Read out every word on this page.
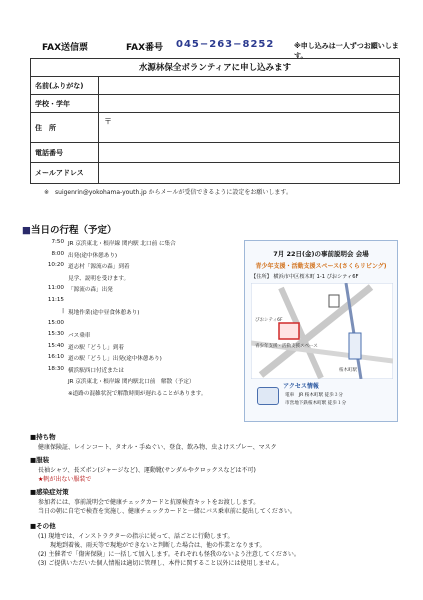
FAX送信票	FAX番号 045−263−8252	※申し込みは一人ずつお願いします。
水源林保全ボランティアに申し込みます
名前(ふりがな)
学校・学年
住　所
〒
電話番号
メールアドレス
※　suigenrin@yokohama-youth.jp からメールが受信できるように設定をお願いします。
■当日の行程（予定）
7:50 JR 京浜東北・根岸線 関内駅 北口前 に集合
8:00 出発(途中休憩あり)
10:20 道志村「源流の森」到着
見学、説明を受けます。
11:00 「源流の森」出発
11:15
| 現地作業(途中昼食休憩あり)
15:00
15:30 バス乗車
15:40 道の駅「どうし」到着
16:10 道の駅「どうし」出発(途中休憩あり)
18:30 横浜駅西口付近または
JR 京浜東北・根岸線 関内駅北口前　解散（予定）
※道路の混雑状況で解散時間が遅れることがあります。
7月 22日(金)の事前説明会 会場
青少年支援・活動支援スペース(さくらリビング)
【住所】 横浜市中区桜木町 1-1 ぴおシティ6F
ぴおシティ6F
青少年支援・活動支援スペース
桜木町駅
アクセス情報
電車　JR 桜木町駅 徒歩３分
市営地下鉄桜木町駅 徒歩１分
■持ち物
健康保険証、レインコート、タオル・手ぬぐい、登食、飲み物、虫よけスプレー、マスク
■服装
長袖シャツ、長ズボン(ジャージなど)、運動靴(サンダルやクロックスなどは不可)
★帆が出ない服装で
■感染症対策
参加者には、事前説明会で健康チェックカードと抗原検査キットをお渡しします。
当日の朝に自宅で検査を実施し、健康チェックカードと一緒にバス乗車前に提出してください。
■その他
(1) 現地では、インストラクターの指示に従って、話ごとに行動します。
現地到着後、雨天等で現地ができないと判断した場合は、他の作業となります。
(2) 主催者で「傷害保険」に一括して加入します。それぞれも怪我のないよう注意してください。
(3) ご提供いただいた個人情報は適切に管理し、本件に関すること以外には使用しません。
